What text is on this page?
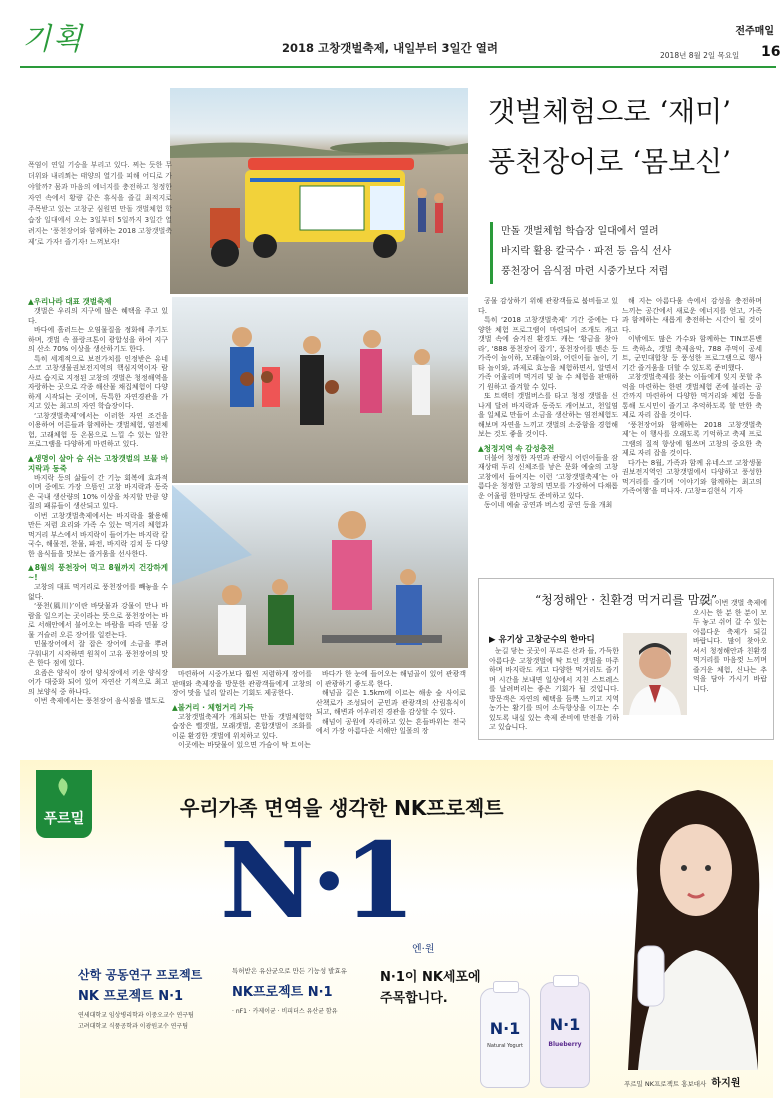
기획	2018 고창갯벌축제, 내일부터 3일간 열려
전주매일
2018년 8월 2일 목요일 16
폭염이 연일 기승을 부리고 있다. 찌는 듯한 무더위와 내리쬐는 태양의 열기를 피해 어디로 가야할까? 몸과 마음의 에너지를 충전하고 청정한 자연 속에서 황량 같은 휴식을 즐길 최적지로 주목받고 있는 고창군 심원면 만돌 갯벌체험 학습장 일대에서 오는 3일부터 5일까지 3일간 열려지는 ‘풍천장어와 함께하는 2018 고창갯벌축제’로 가자! 즐기자! 느껴보자!
갯벌체험으로 ‘재미’
풍천장어로 ‘몸보신’
만돌 갯벌체험 학습장 일대에서 열려
바지락 활용 칼국수 · 파전 등 음식 선사
풍천장어 음식점 마련 시중가보다 저렴
▲우리나라 대표 갯벌축제
갯벌은 우리의 지구에 많은 혜택을 주고 있다.
바다에 흘러드는 오염물질을 정화해 주기도 하며, 갯벌 속 플랑크톤이 광합성을 하여 지구의 산소 70% 이상을 생산하기도 한다.
특히 세계적으로 보전가치를 인정받은 유네스코 고창생물권보전지역의 핵심지역이자 람사르 습지로 지정된 고창의 갯벌은 청정해역을 자랑하는 곳으로 각종 해산물 채집체험이 다양하게 시작되는 곳이며, 독특한 자연경관을 가지고 있는 최고의 자연 학습장이다.
‘고창갯벌축제’에서는 이러한 자연 조건을 이용하여 어른들과 함께하는 갯벌체험, 염전체험, 고래체험 등 온몸으로 느낄 수 있는 알찬 프로그램을 다양하게 마련하고 있다.
▲생명이 살아 숨 쉬는 고창갯벌의 보물 바지락과 동죽
바지락 등의 삶들이 간 기능 회복에 효과적이며 중에도 가장 으뜸인 고창 바지락과 동죽은 국내 생산량의 10% 이상을 차지할 만큼 양질의 패류들이 생산되고 있다.
이번 고창갯벌축제에서는 바지락을 활용해 만든 저렴 요리와 가족 수 있는 먹거리 체험과 먹거리 부스에서 바지락이 들어가는 바지락 칼국수, 해물전, 찬물, 파전, 바지락 김치 등 다양한 음식들을 맛보는 즐거움을 선사한다.
▲8월의 풍천장어 먹고 8월까지 건강하게~!
고창의 대표 먹거리로 풍천장어를 빼놓을 수 없다.
‘풍천(風川)’이란 바닷물과 강물이 만나 바람을 일으키는 곳이라는 뜻으로 풍천장어는 바로 서해안에서 불어오는 바람을 따라 민물 강물 거슬러 오른 장어를 일컫는다.
민물장어에서 잘 잡은 장어에 소금을 뿌려 구워내기 시작하면 원칙이 고유 풍천장어의 맛은 한다 점에 있다.
요즘은 양식이 장어 양식장에서 키운 양식장어가 대중화 되어 있어 자연산 기적으로 최고의 보양식 중 하나다.
이번 축제에서는 풍천장어 음식점을 별도로
마련하여 시중가보다 훨씬 저렴하게 장어를 판매와 축제장을 방문한 관광객들에게 고창의 장어 맛을 널리 알리는 기회도 제공한다.
▲볼거리 · 체험거리 가득
고창갯벌축제가 개최되는 만돌 갯벌체험학습장은 뻘갯벌, 모래갯벌, 혼합갯벌이 조화를 이룬 환경한 갯벌에 위치하고 있다.
이곳에는 바닷물이 있으면 가슴이 탁 트이는
공물 감상하기 위해 관광객들로 붐비들고 있다.
특히 ‘2018 고창갯벌축제’ 기간 중에는 다양한 체험 프로그램이 마련되어 조개도 캐고 갯벌 속에 숨겨진 환경도 캐는 ‘황금을 찾아라’, ‘888 풍천장어 잡기’, 풍천장어를 맨손 등 가족이 놀이하, 모래놀이와, 어린이들 놀이, 기타 놀이와, 과제로 효능을 체험하면서, 알면서 가족 어울리며 먹거리 및 놀 수 체험을 판매하기 원하고 즐겨할 수 있다.
또 트랙터 갯벌버스를 타고 청정 갯벌을 신나게 달려 바지락과 동죽도 캐어보고, 천일염을 일체로 만들어 소금을 생산하는 염전체험도 해보며 자연을 느끼고 갯벌의 소중함을 경험해보는 것도 좋을 것이다.
▲청정지역 속 감성충전
더불어 청정한 자연과 관람시 어린이들을 잠재상태 두리 신체조를 낳은 문화 예술의 고창 고창에서 들여지는 이런 ‘고창갯벌축제’는 아름다운 청정한 고창의 면모를 가장하여 다채롭운 어울림 한마당도 준비하고 있다.
동이네 예술 공연과 버스킹 공연 등을 개최
바다가 한 눈에 들어오는 해넘골이 있어 관광객이 관광하기 좋도록 한다.
해넘골 길은 1.5km에 이르는 해송 숲 사이로 산책로가 조성되어 군민과 관광객의 산림휴식이 되고, 해변과 어우러진 경관을 감상할 수 있다.
해넘이 공원에 자리하고 있는 흔들바위는 전국에서 가장 아름다운 서해안 일몰의 장
해 지는 아름다움 속에서 감성을 충전하며 느끼는 공간에서 새로운 에너지를 얻고, 가족과 함께하는 새롭게 충전하는 시간이 될 것이다.
이밖에도 많은 가수와 함께하는 TIN코튼밴드 축하쇼, 갯벌 축제음악, 788 주먹이 공세트, 군민대합창 등 풍성한 프로그램으로 행사 기간 즐거움을 더할 수 있도록 준비했다.
고창갯벌축제를 찾는 이들에게 잊지 못할 추억을 마련하는 한편 갯벌체험 존에 불리는 공간까지 마련하여 다양한 먹거리와 체험 등을 통해 도시민이 즐기고 추억하도록 할 만한 축제로 자리 잡을 것이다.
‘풍천장어와 함께하는 2018 고창갯벌축제’는 이 행사를 오래도록 기억하고 축제 프로그램의 질적 향상에 힘쓰며 고창의 중요한 축제로 자리 잡을 것이다.
다가는 8월, 가족과 함께 유네스코 고창생물권보전지역인 고창갯벌에서 다양하고 풍성한 먹거리를 즐기며 ‘이야기와 함께하는 최고의 가족여행’을 떠나자. /고창=김현식 기자
“청정해안 · 친환경 먹거리를 맘껏”
▶ 유기상 고창군수의 한마디
눈길 닿는 곳곳이 푸르른 산과 들, 가득한 아름다운 고창갯벌에 탁 트인 갯벌을 마주하며 바지락도 캐고 다양한 먹거리도 즐기며 시간을 보내면 일상에서 지친 스트레스를 날려버리는 좋은 기회가 될 것입니다. 방문객은 자연의 혜택을 듬뿍 느끼고 지역농가는 활기를 띄어 소득향상을 이끄는 수 있도록 내실 있는 축제 준비에 만전을 기하고 있습니다.
부디 이번 갯벌 축제에 오시는 한 분 한 분이 모두 놓고 쉬어 갈 수 있는 아름다운 축제가 되길 바랍니다. 많이 찾아오셔서 청정해안과 친환경 먹거리를 마음껏 느끼며 즐거운 체험, 신나는 추억을 담아 가시기 바랍니다.
푸르밀	우리가족 면역을 생각한 NK프로젝트
N·1
엔·원
산학 공동연구 프로젝트
NK 프로젝트 N·1
연세대학교 임상병리학과 이중오교수 연구팀
고려대학교 식품공학과 이광원교수 연구팀
특허받은 유산균으로 만든 기능성 발효유
NK프로젝트 N·1
· nF1 · 카제이균 · 비피더스 유산균 함유
N·1이 NK세포에
주목합니다.
N·1
Natural Yogurt
N·1
Blueberry
푸르밀 NK프로젝트 홍보대사 하지원
